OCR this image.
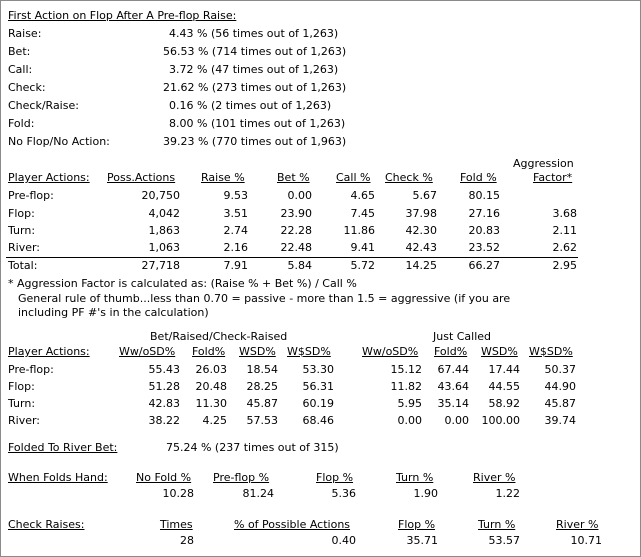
First Action on Flop After A Pre-flop Raise:
Raise:	4.43 % (56 times out of 1,263)
Bet:	56.53 % (714 times out of 1,263)
Call:	3.72 % (47 times out of 1,263)
Check:	21.62 % (273 times out of 1,263)
Check/Raise:	0.16 % (2 times out of 1,263)
Fold:	8.00 % (101 times out of 1,263)
No Flop/No Action:	39.23 % (770 times out of 1,963)
Aggression
Player Actions: Poss.Actions Raise %	Bet % Call % Check % Fold %	Factor*
Pre-flop:	20,750	9.53	0.00	4.65	5.67	80.15
Flop:	4,042	3.51	23.90	7.45	37.98	27.16	3.68
Turn:	1,863	2.74	22.28	11.86	42.30	20.83	2.11
River:	1,063	2.16	22.48	9.41	42.43	23.52	2.62
Total:	27,718	7.91	5.84	5.72	14.25	66.27	2.95
* Aggression Factor is calculated as: (Raise % + Bet %) / Call %
General rule of thumb...less than 0.70 = passive - more than 1.5 = aggressive (if you are
including PF #'s in the calculation)
Bet/Raised/Check-Raised	Just Called
Player Actions:	Ww/oSD% Fold% WSD% W$SD%	Ww/oSD% Fold% WSD% W$SD%
Pre-flop:	55.43	26.03	18.54	53.30	15.12	67.44	17.44	50.37
Flop:	51.28	20.48	28.25	56.31	11.82	43.64	44.55	44.90
Turn:	42.83	11.30	45.87	60.19	5.95	35.14	58.92	45.87
River:	38.22	4.25	57.53	68.46	0.00	0.00	100.00	39.74
Folded To River Bet:	75.24 % (237 times out of 315)
When Folds Hand:	No Fold % Pre-flop %	Flop %	Turn %	River %
10.28	81.24	5.36	1.90	1.22
Check Raises:	Times	% of Possible Actions	Flop %	Turn %	River %
28	0.40	35.71	53.57	10.71
